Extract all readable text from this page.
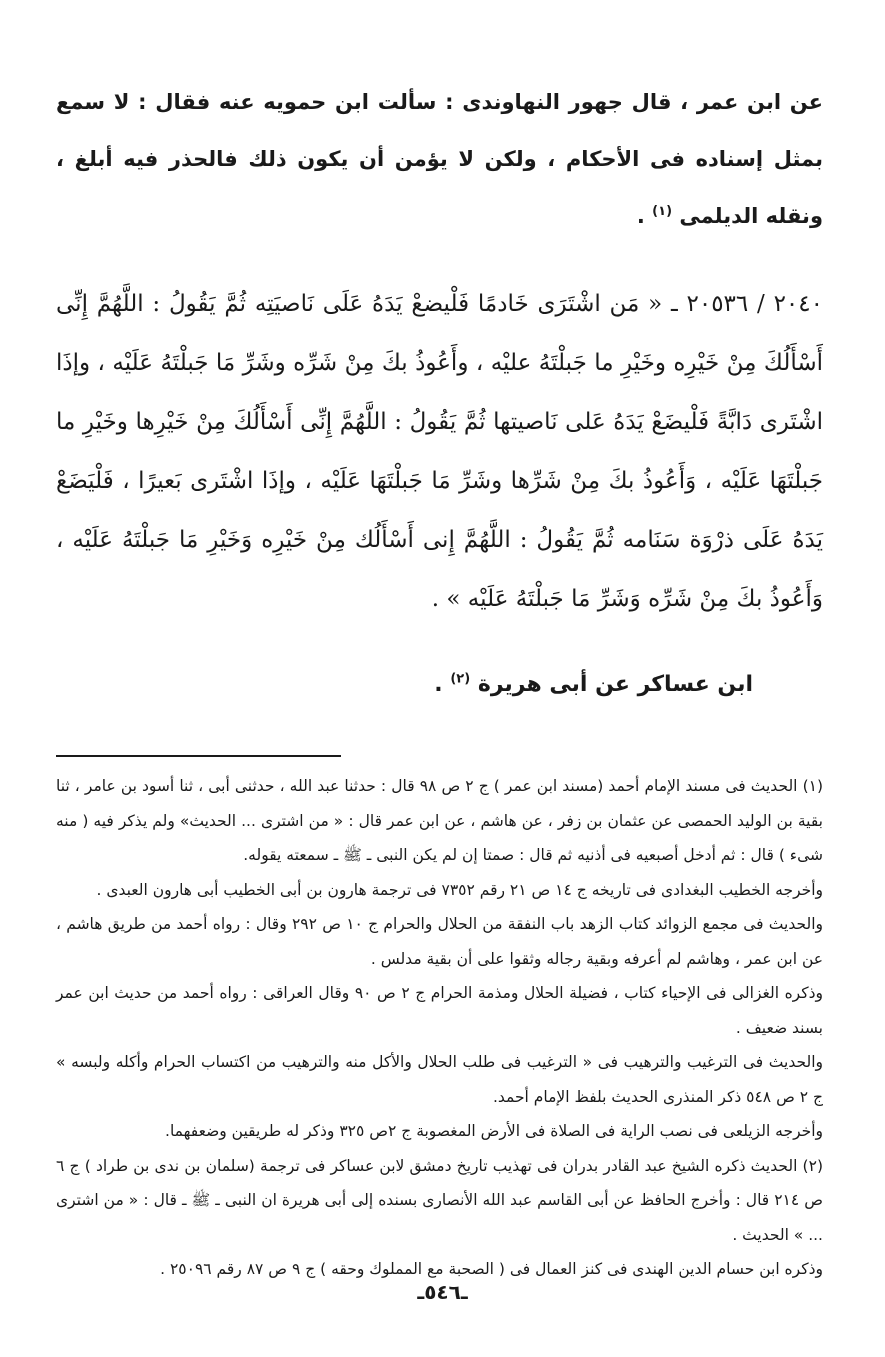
عن ابن عمر ، قال جهور النهاوندى : سألت ابن حمويه عنه فقال : لا سمع بمثل إسناده فى الأحكام ، ولكن لا يؤمن أن يكون ذلك فالحذر فيه أبلغ ، ونقله الديلمى $^{(١)}$ .

٢٠٤٠ / ٢٠٥٣٦ ـ « مَن اشْتَرَى خَادمًا فَلْيضعْ يَدَهُ عَلَى نَاصيَتِه ثُمَّ يَقُولُ : اللَّهُمَّ إِنِّى أَسْأَلُكَ مِنْ خَيْرِه وخَيْرِ ما جَبلْتَهُ عليْه ، وأَعُوذُ بكَ مِنْ شَرِّه وشَرِّ مَا جَبلْتَهُ عَلَيْه ، وإذَا اشْتَرى دَابَّةً فَلْيضَعْ يَدَهُ عَلى نَاصيتها ثُمَّ يَقُولُ : اللَّهُمَّ إِنِّى أَسْأَلُكَ مِنْ خَيْرِها وخَيْرِ ما جَبلْتَهَا عَلَيْه ، وَأَعُوذُ بكَ مِنْ شَرِّها وشَرِّ مَا جَبلْتَهَا عَلَيْه ، وإذَا اشْتَرى بَعيرًا ، فَلْيَضَعْ يَدَهُ عَلَى ذرْوَة سَنَامه ثُمَّ يَقُولُ : اللَّهُمَّ إِنى أَسْأَلُك مِنْ خَيْرِه وَخَيْرِ مَا جَبلْتَهُ عَلَيْه ، وَأَعُوذُ بكَ مِنْ شَرِّه وَشَرِّ مَا جَبلْتَهُ عَلَيْه » .

ابن عساكر عن أبى هريرة $^{(٢)}$ .

(١) الحديث فى مسند الإمام أحمد (مسند ابن عمر ) ج ٢ ص ٩٨ قال : حدثنا عبد الله ، حدثنى أبى ، ثنا أسود بن عامر ، ثنا بقية بن الوليد الحمصى عن عثمان بن زفر ، عن هاشم ، عن ابن عمر قال : « من اشترى ... الحديث» ولم يذكر فيه ( منه شىء ) قال : ثم أدخل أصبعيه فى أذنيه ثم قال : صمتا إن لم يكن النبى ـ ﷺ ـ سمعته يقوله.

وأخرجه الخطيب البغدادى فى تاريخه ج ١٤ ص ٢١ رقم ٧٣٥٢ فى ترجمة هارون بن أبى الخطيب أبى هارون العبدى .

والحديث فى مجمع الزوائد كتاب الزهد باب النفقة من الحلال والحرام ج ١٠ ص ٢٩٢ وقال : رواه أحمد من طريق هاشم ، عن ابن عمر ، وهاشم لم أعرفه وبقية رجاله وثقوا على أن بقية مدلس .

وذكره الغزالى فى الإحياء كتاب ، فضيلة الحلال ومذمة الحرام ج ٢ ص ٩٠ وقال العراقى : رواه أحمد من حديث ابن عمر بسند ضعيف .

والحديث فى الترغيب والترهيب فى « الترغيب فى طلب الحلال والأكل منه والترهيب من اكتساب الحرام وأكله ولبسه » ج ٢ ص ٥٤٨ ذكر المنذرى الحديث بلفظ الإمام أحمد.

وأخرجه الزيلعى فى نصب الراية فى الصلاة فى الأرض المغصوبة ج ٢ص ٣٢٥ وذكر له طريقين وضعفهما.

(٢) الحديث ذكره الشيخ عبد القادر بدران فى تهذيب تاريخ دمشق لابن عساكر فى ترجمة (سلمان بن ندى بن طراد ) ج ٦ ص ٢١٤ قال : وأخرج الحافظ عن أبى القاسم عبد الله الأنصارى بسنده إلى أبى هريرة ان النبى ـ ﷺ ـ قال : « من اشترى ... » الحديث .

وذكره ابن حسام الدين الهندى فى كنز العمال فى ( الصحبة مع المملوك وحقه ) ج ٩ ص ٨٧ رقم ٢٥٠٩٦ .

ـ٥٤٦ـ
